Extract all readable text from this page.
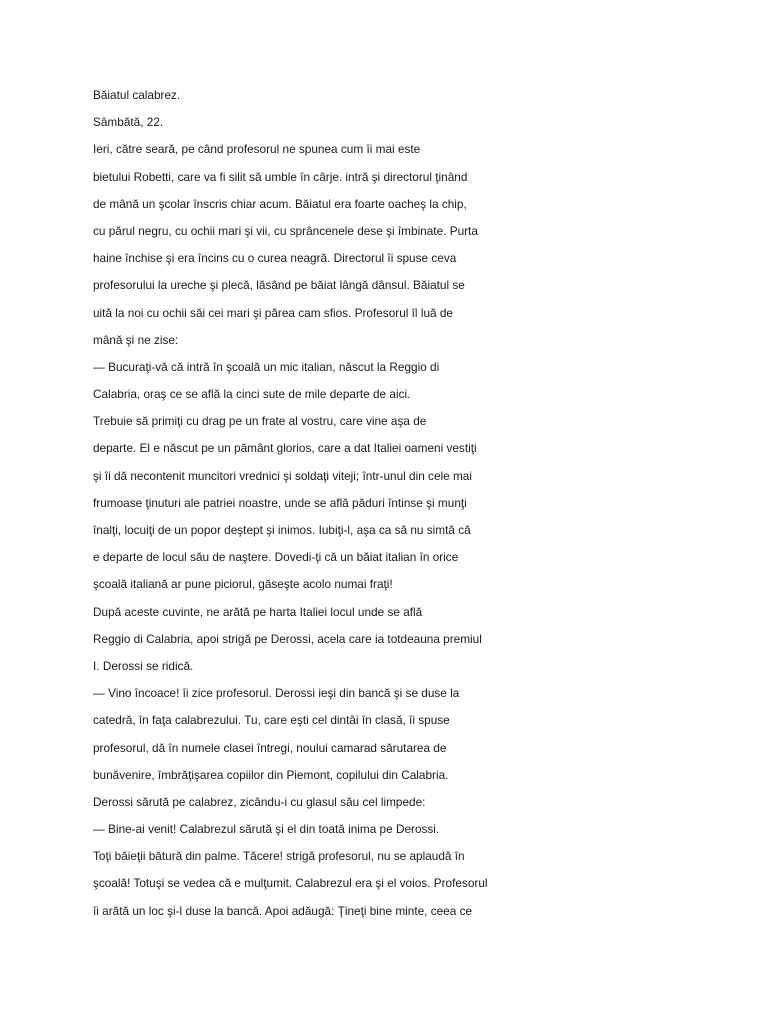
Băiatul calabrez.
Sâmbătă, 22.
Ieri, către seară, pe când profesorul ne spunea cum îi mai este
bietului Robetti, care va fi silit să umble în cârje. intră şi directorul ţinând
de mână un şcolar înscris chiar acum. Băiatul era foarte oacheş la chip,
cu părul negru, cu ochii mari şi vii, cu sprâncenele dese şi îmbinate. Purta
haine închise şi era încins cu o curea neagră. Directorul îi spuse ceva
profesorului la ureche şi plecă, lăsând pe băiat lângă dânsul. Băiatul se
uită la noi cu ochii săi cei mari şi părea cam sfios. Profesorul îl luă de
mână şi ne zise:
— Bucuraţi-vă că intră în şcoală un mic italian, născut la Reggio di
Calabria, oraş ce se află la cinci sute de mile departe de aici.
Trebuie să primiţi cu drag pe un frate al vostru, care vine aşa de
departe. El e născut pe un pământ glorios, care a dat Italiei oameni vestiţi
şi îi dă necontenit muncitori vrednici şi soldaţi viteji; într-unul din cele mai
frumoase ţinuturi ale patriei noastre, unde se află păduri întinse şi munţi
înalţi, locuiţi de un popor deştept şi inimos. Iubiţi-l, aşa ca să nu simtă că
e departe de locul său de naştere. Dovedi-ţi că un băiat italian în orice
şcoală italiană ar pune piciorul, găseşte acolo numai fraţi!
După aceste cuvinte, ne arătă pe harta Italiei locul unde se află
Reggio di Calabria, apoi strigă pe Derossi, acela care ia totdeauna premiul
I. Derossi se ridică.
— Vino încoace! îi zice profesorul. Derossi ieşi din bancă şi se duse la
catedră, în faţa calabrezului. Tu, care eşti cel dintâi în clasă, îi spuse
profesorul, dă în numele clasei întregi, noului camarad sărutarea de
bunăvenire, îmbrăţişarea copiilor din Piemont, copilului din Calabria.
Derossi sărută pe calabrez, zicându-i cu glasul său cel limpede:
— Bine-ai venit! Calabrezul sărută şi el din toată inima pe Derossi.
Toţi băieţii bătură din palme. Tăcere! strigă profesorul, nu se aplaudă în
şcoală! Totuşi se vedea că e mulţumit. Calabrezul era şi el voios. Profesorul
îi arătă un loc şi-l duse la bancă. Apoi adăugă: Ţineţi bine minte, ceea ce
